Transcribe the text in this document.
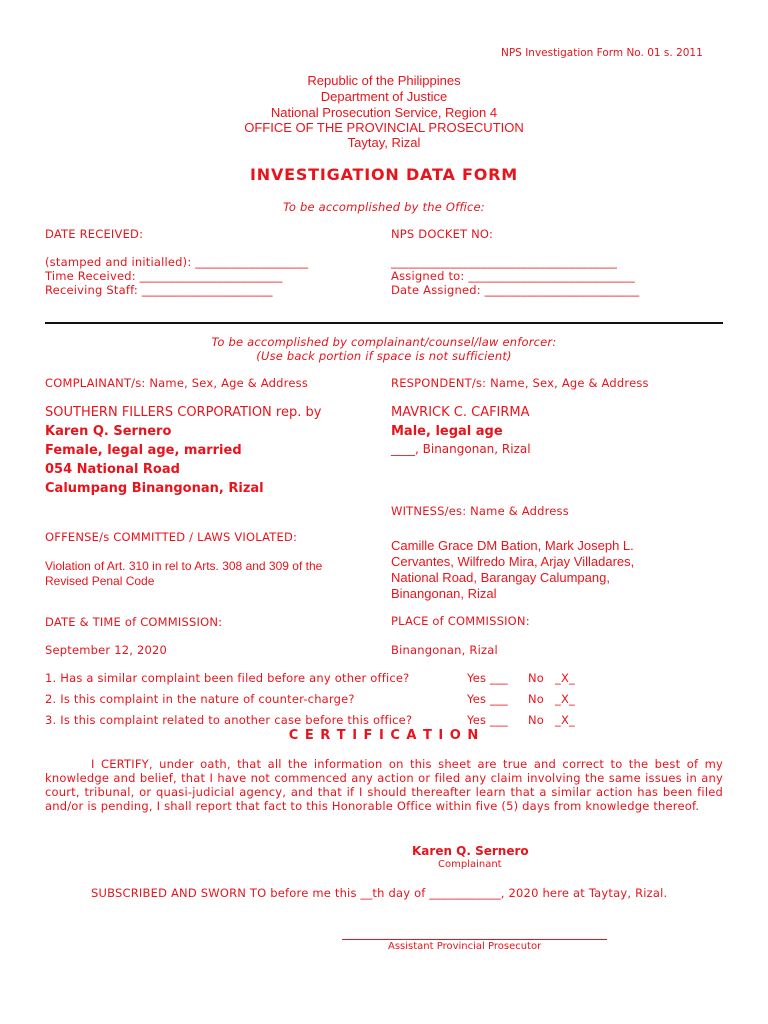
NPS Investigation Form No. 01 s. 2011
Republic of the Philippines
Department of Justice
National Prosecution Service, Region 4
OFFICE OF THE PROVINCIAL PROSECUTION
Taytay, Rizal
INVESTIGATION DATA FORM
To be accomplished by the Office:
DATE RECEIVED:
(stamped and initialled): ___________________
Time Received: ________________________
Receiving Staff: ______________________
NPS DOCKET NO:
______________________________________
Assigned to: ____________________________
Date Assigned: __________________________
To be accomplished by complainant/counsel/law enforcer:
(Use back portion if space is not sufficient)
COMPLAINANT/s: Name, Sex, Age & Address
SOUTHERN FILLERS CORPORATION rep. by
Karen Q. Sernero
Female, legal age, married
054 National Road
Calumpang Binangonan, Rizal
RESPONDENT/s: Name, Sex, Age & Address
MAVRICK C. CAFIRMA
Male, legal age
____, Binangonan, Rizal
WITNESS/es: Name & Address
Camille Grace DM Bation, Mark Joseph L.
Cervantes, Wilfredo Mira, Arjay Villadares,
National Road, Barangay Calumpang,
Binangonan, Rizal
OFFENSE/s COMMITTED / LAWS VIOLATED:
Violation of Art. 310 in rel to Arts. 308 and 309 of the
Revised Penal Code
DATE & TIME of COMMISSION:
September 12, 2020
PLACE of COMMISSION:
Binangonan, Rizal
1. Has a similar complaint been filed before any other office?	Yes ___ No _X_
2. Is this complaint in the nature of counter-charge?	Yes ___ No _X_
3. Is this complaint related to another case before this office?	Yes ___ No _X_
C E R T I F I C A T I O N
I CERTIFY, under oath, that all the information on this sheet are true and correct to the best of my knowledge and belief, that I have not commenced any action or filed any claim involving the same issues in any court, tribunal, or quasi-judicial agency, and that if I should thereafter learn that a similar action has been filed and/or is pending, I shall report that fact to this Honorable Office within five (5) days from knowledge thereof.
Karen Q. Sernero
Complainant
SUBSCRIBED AND SWORN TO before me this __th day of ____________, 2020 here at Taytay, Rizal.
Assistant Provincial Prosecutor
